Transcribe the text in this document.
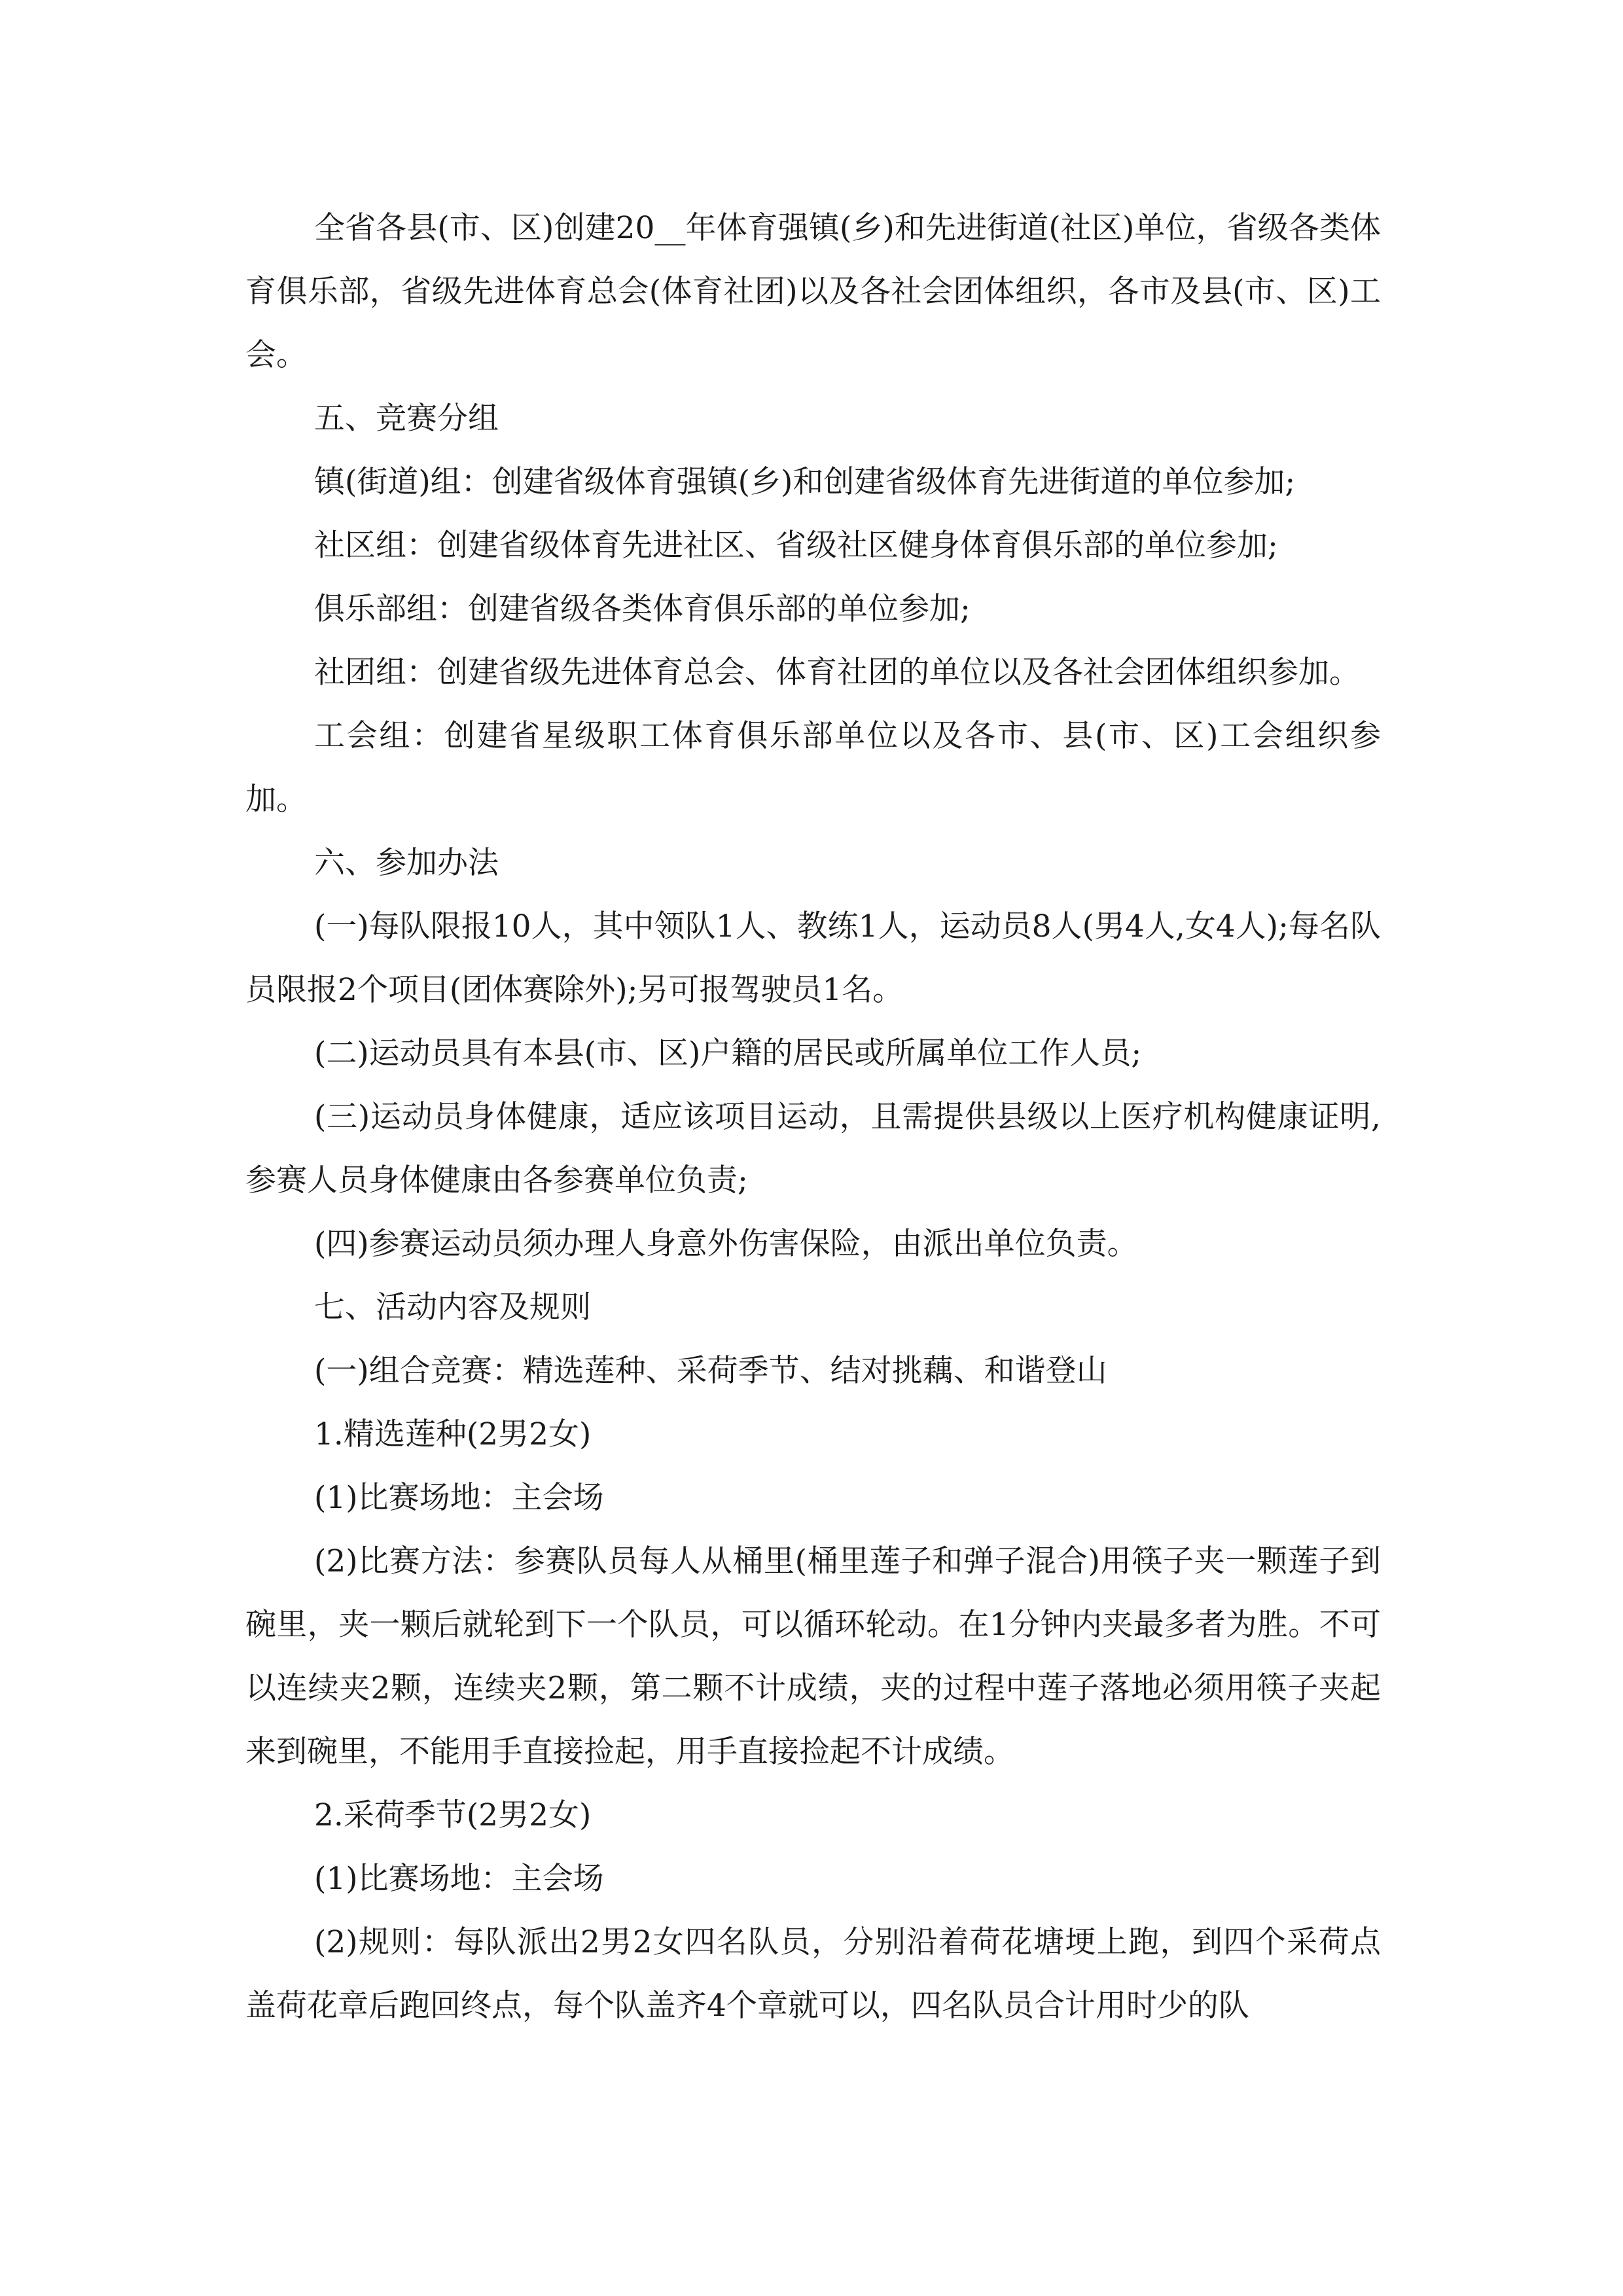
全省各县(市、区)创建20__年体育强镇(乡)和先进街道(社区)单位，省级各类体育俱乐部，省级先进体育总会(体育社团)以及各社会团体组织，各市及县(市、区)工会。

五、竞赛分组

镇(街道)组：创建省级体育强镇(乡)和创建省级体育先进街道的单位参加;

社区组：创建省级体育先进社区、省级社区健身体育俱乐部的单位参加;

俱乐部组：创建省级各类体育俱乐部的单位参加;

社团组：创建省级先进体育总会、体育社团的单位以及各社会团体组织参加。

工会组：创建省星级职工体育俱乐部单位以及各市、县(市、区)工会组织参加。

六、参加办法

(一)每队限报10人，其中领队1人、教练1人，运动员8人(男4人,女4人);每名队员限报2个项目(团体赛除外);另可报驾驶员1名。

(二)运动员具有本县(市、区)户籍的居民或所属单位工作人员;

(三)运动员身体健康，适应该项目运动，且需提供县级以上医疗机构健康证明,参赛人员身体健康由各参赛单位负责;

(四)参赛运动员须办理人身意外伤害保险，由派出单位负责。

七、活动内容及规则

(一)组合竞赛：精选莲种、采荷季节、结对挑藕、和谐登山

1.精选莲种(2男2女)

(1)比赛场地：主会场

(2)比赛方法：参赛队员每人从桶里(桶里莲子和弹子混合)用筷子夹一颗莲子到碗里，夹一颗后就轮到下一个队员，可以循环轮动。在1分钟内夹最多者为胜。不可以连续夹2颗，连续夹2颗，第二颗不计成绩，夹的过程中莲子落地必须用筷子夹起来到碗里，不能用手直接捡起，用手直接捡起不计成绩。

2.采荷季节(2男2女)

(1)比赛场地：主会场

(2)规则：每队派出2男2女四名队员，分别沿着荷花塘埂上跑，到四个采荷点盖荷花章后跑回终点，每个队盖齐4个章就可以，四名队员合计用时少的队
